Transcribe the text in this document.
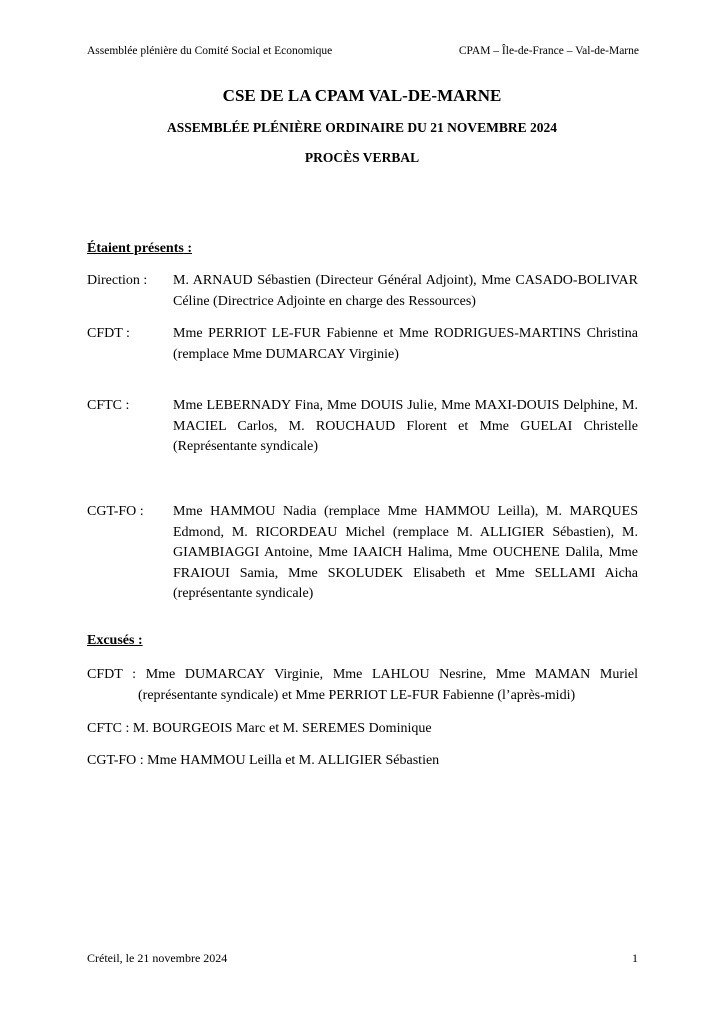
Assemblée plénière du Comité Social et Economique	CPAM – Île-de-France – Val-de-Marne
CSE DE LA CPAM VAL-DE-MARNE
ASSEMBLÉE PLÉNIÈRE ORDINAIRE DU 21 NOVEMBRE 2024
PROCÈS VERBAL
Étaient présents :
Direction : M. ARNAUD Sébastien (Directeur Général Adjoint), Mme CASADO-BOLIVAR Céline (Directrice Adjointe en charge des Ressources)
CFDT :	Mme PERRIOT LE-FUR Fabienne et Mme RODRIGUES-MARTINS Christina (remplace Mme DUMARCAY Virginie)
CFTC :	Mme LEBERNADY Fina, Mme DOUIS Julie, Mme MAXI-DOUIS Delphine, M. MACIEL Carlos, M. ROUCHAUD Florent et Mme GUELAI Christelle (Représentante syndicale)
CGT-FO : Mme HAMMOU Nadia (remplace Mme HAMMOU Leilla), M. MARQUES Edmond, M. RICORDEAU Michel (remplace M. ALLIGIER Sébastien), M. GIAMBIAGGI Antoine, Mme IAAICH Halima, Mme OUCHENE Dalila, Mme FRAIOUI Samia, Mme SKOLUDEK Elisabeth et Mme SELLAMI Aicha (représentante syndicale)
Excusés :
CFDT : Mme DUMARCAY Virginie, Mme LAHLOU Nesrine, Mme MAMAN Muriel (représentante syndicale) et Mme PERRIOT LE-FUR Fabienne (l’après-midi)
CFTC : M. BOURGEOIS Marc et M. SEREMES Dominique
CGT-FO : Mme HAMMOU Leilla et M. ALLIGIER Sébastien
Créteil, le 21 novembre 2024	1
